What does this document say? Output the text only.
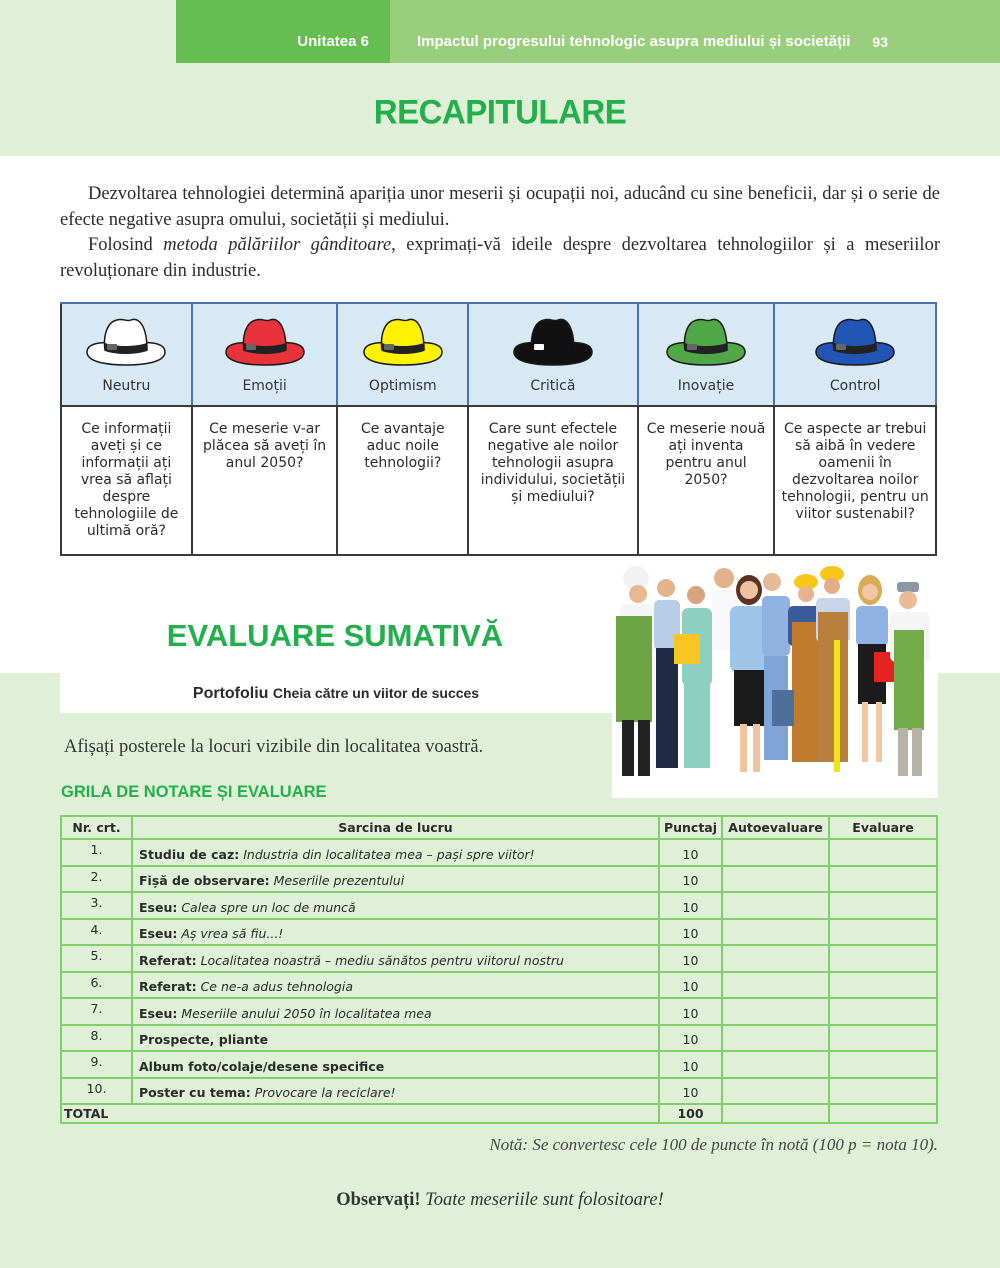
Unitatea 6	Impactul progresului tehnologic asupra mediului și societății 93
RECAPITULARE

Dezvoltarea tehnologiei determină apariția unor meserii și ocupații noi, aducând cu sine beneficii, dar și o serie de efecte negative asupra omului, societății și mediului.

Folosind metoda pălăriilor gânditoare, exprimați-vă ideile despre dezvoltarea tehnologiilor și a meseriilor revoluționare din industrie.

Neutru	Emoții	Optimism	Critică	Inovație	Control

Ce informații aveți și ce informații ați vrea să aflați despre tehnologiile de ultimă oră?	Ce meserie v-ar plăcea să aveți în anul 2050?	Ce avantaje aduc noile tehnologii?	Care sunt efectele negative ale noilor tehnologii asupra individului, societății și mediului?	Ce meserie nouă ați inventa pentru anul 2050?	Ce aspecte ar trebui să aibă în vedere oamenii în dezvoltarea noilor tehnologii, pentru un viitor sustenabil?
EVALUARE SUMATIVĂ
Portofoliu Cheia către un viitor de succes

Afișați posterele la locuri vizibile din localitatea voastră.

GRILA DE NOTARE ȘI EVALUARE
Nr. crt.	Sarcina de lucru	Punctaj	Autoevaluare	Evaluare
1.	Studiu de caz: Industria din localitatea mea – pași spre viitor!	10		
2.	Fișă de observare: Meseriile prezentului	10		
3.	Eseu: Calea spre un loc de muncă	10		
4.	Eseu: Aș vrea să fiu...!	10		
5.	Referat: Localitatea noastră – mediu sănătos pentru viitorul nostru	10		
6.	Referat: Ce ne-a adus tehnologia	10		
7.	Eseu: Meseriile anului 2050 în localitatea mea	10		
8.	Prospecte, pliante	10		
9.	Album foto/colaje/desene specifice	10		
10.	Poster cu tema: Provocare la reciclare!	10		
TOTAL		100		

Notă: Se convertesc cele 100 de puncte în notă (100 p = nota 10).

Observați! Toate meseriile sunt folositoare!
